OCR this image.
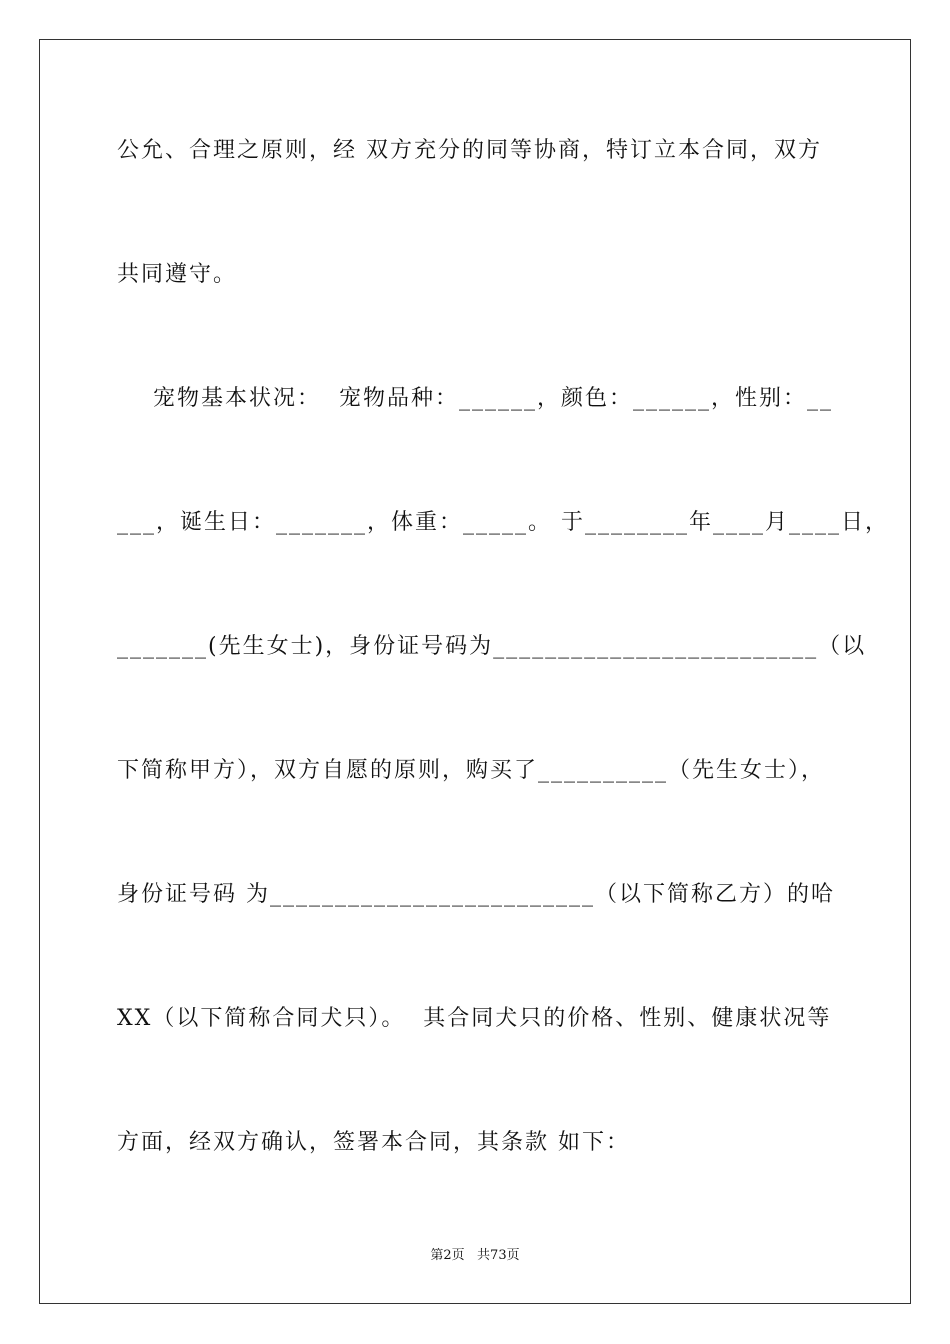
公允、合理之原则，经 双方充分的同等协商，特订立本合同，双方
共同遵守。
宠物基本状况：  宠物品种：______，颜色：______，性别：__
___，诞生日：_______，体重：_____。 于________年____月____日，
_______(先生女士)，身份证号码为_________________________（以
下简称甲方），双方自愿的原则，购买了__________（先生女士），
身份证号码 为_________________________（以下简称乙方）的哈
XX（以下简称合同犬只）。  其合同犬只的价格、性别、健康状况等
方面，经双方确认，签署本合同，其条款 如下：
第2页   共73页
